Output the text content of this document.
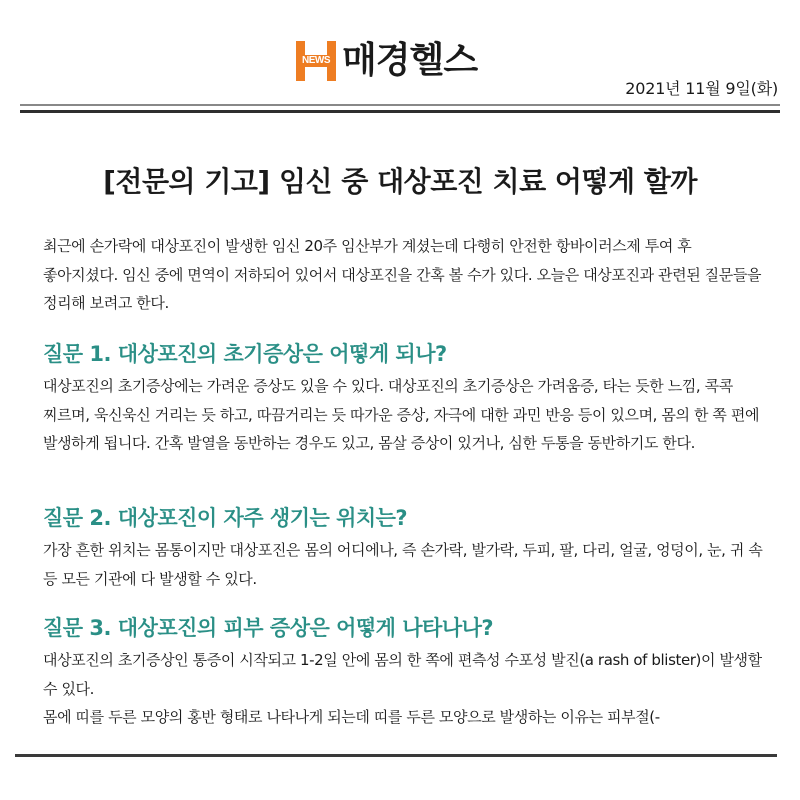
NEWS 매경헬스
2021년 11월 9일(화)
[전문의 기고] 임신 중 대상포진 치료 어떻게 할까

최근에 손가락에 대상포진이 발생한 임신 20주 임산부가 계셨는데 다행히 안전한 항바이러스제 투여 후 좋아지셨다. 임신 중에 면역이 저하되어 있어서 대상포진을 간혹 볼 수가 있다. 오늘은 대상포진과 관련된 질문들을 정리해 보려고 한다.

질문 1. 대상포진의 초기증상은 어떻게 되나?

대상포진의 초기증상에는 가려운 증상도 있을 수 있다. 대상포진의 초기증상은 가려움증, 타는 듯한 느낌, 콕콕 찌르며, 욱신욱신 거리는 듯 하고, 따끔거리는 듯 따가운 증상, 자극에 대한 과민 반응 등이 있으며, 몸의 한 쪽 편에 발생하게 됩니다. 간혹 발열을 동반하는 경우도 있고, 몸살 증상이 있거나, 심한 두통을 동반하기도 한다.

질문 2. 대상포진이 자주 생기는 위치는?

가장 흔한 위치는 몸통이지만 대상포진은 몸의 어디에나, 즉 손가락, 발가락, 두피, 팔, 다리, 얼굴, 엉덩이, 눈, 귀 속 등 모든 기관에 다 발생할 수 있다.

질문 3. 대상포진의 피부 증상은 어떻게 나타나나?

대상포진의 초기증상인 통증이 시작되고 1-2일 안에 몸의 한 쪽에 편측성 수포성 발진(a rash of blister)이 발생할 수 있다.

몸에 띠를 두른 모양의 홍반 형태로 나타나게 되는데 띠를 두른 모양으로 발생하는 이유는 피부절(-
